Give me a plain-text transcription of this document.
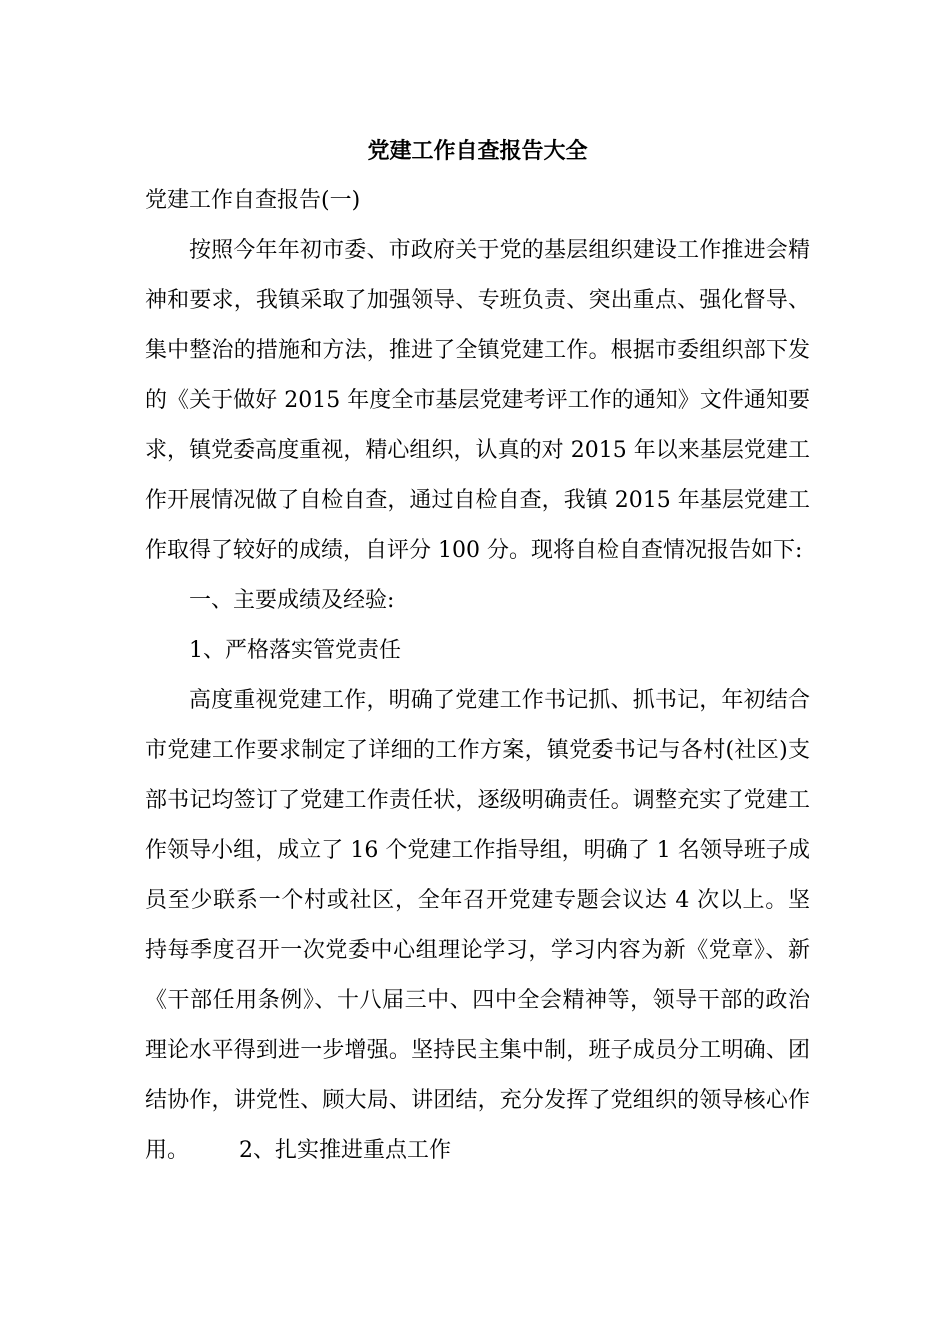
党建工作自查报告大全

党建工作自查报告(一)

按照今年年初市委、市政府关于党的基层组织建设工作推进会精神和要求，我镇采取了加强领导、专班负责、突出重点、强化督导、集中整治的措施和方法，推进了全镇党建工作。根据市委组织部下发的《关于做好 2015 年度全市基层党建考评工作的通知》文件通知要求，镇党委高度重视，精心组织，认真的对 2015 年以来基层党建工作开展情况做了自检自查，通过自检自查，我镇 2015 年基层党建工作取得了较好的成绩，自评分 100 分。现将自检自查情况报告如下:

一、主要成绩及经验:

1、严格落实管党责任

高度重视党建工作，明确了党建工作书记抓、抓书记，年初结合市党建工作要求制定了详细的工作方案，镇党委书记与各村(社区)支部书记均签订了党建工作责任状，逐级明确责任。调整充实了党建工作领导小组，成立了 16 个党建工作指导组，明确了 1 名领导班子成员至少联系一个村或社区，全年召开党建专题会议达 4 次以上。坚持每季度召开一次党委中心组理论学习，学习内容为新《党章》、新《干部任用条例》、十八届三中、四中全会精神等，领导干部的政治理论水平得到进一步增强。坚持民主集中制，班子成员分工明确、团结协作，讲党性、顾大局、讲团结，充分发挥了党组织的领导核心作用。 2、扎实推进重点工作
